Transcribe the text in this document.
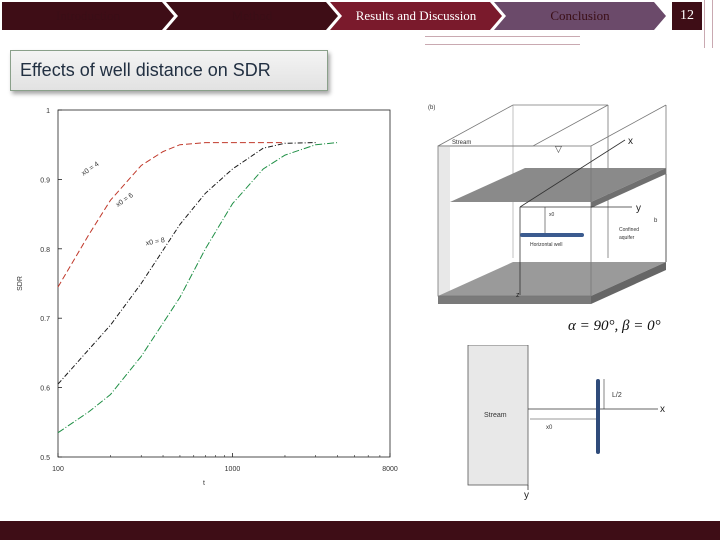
Introduction	Method	Results and Discussion	Conclusion	12
Effects of well distance on SDR
1
0.9
0.8
0.7
0.6
0.5
100	1000	8000
t
SDR
x0 = 4
x0 = 6
x0 = 8
(b)
Stream
▽
x
y
z
x0
b
Horizontal well
Confined
aquifer
α = 90°, β = 0°
Stream
x
y
x0
L/2
